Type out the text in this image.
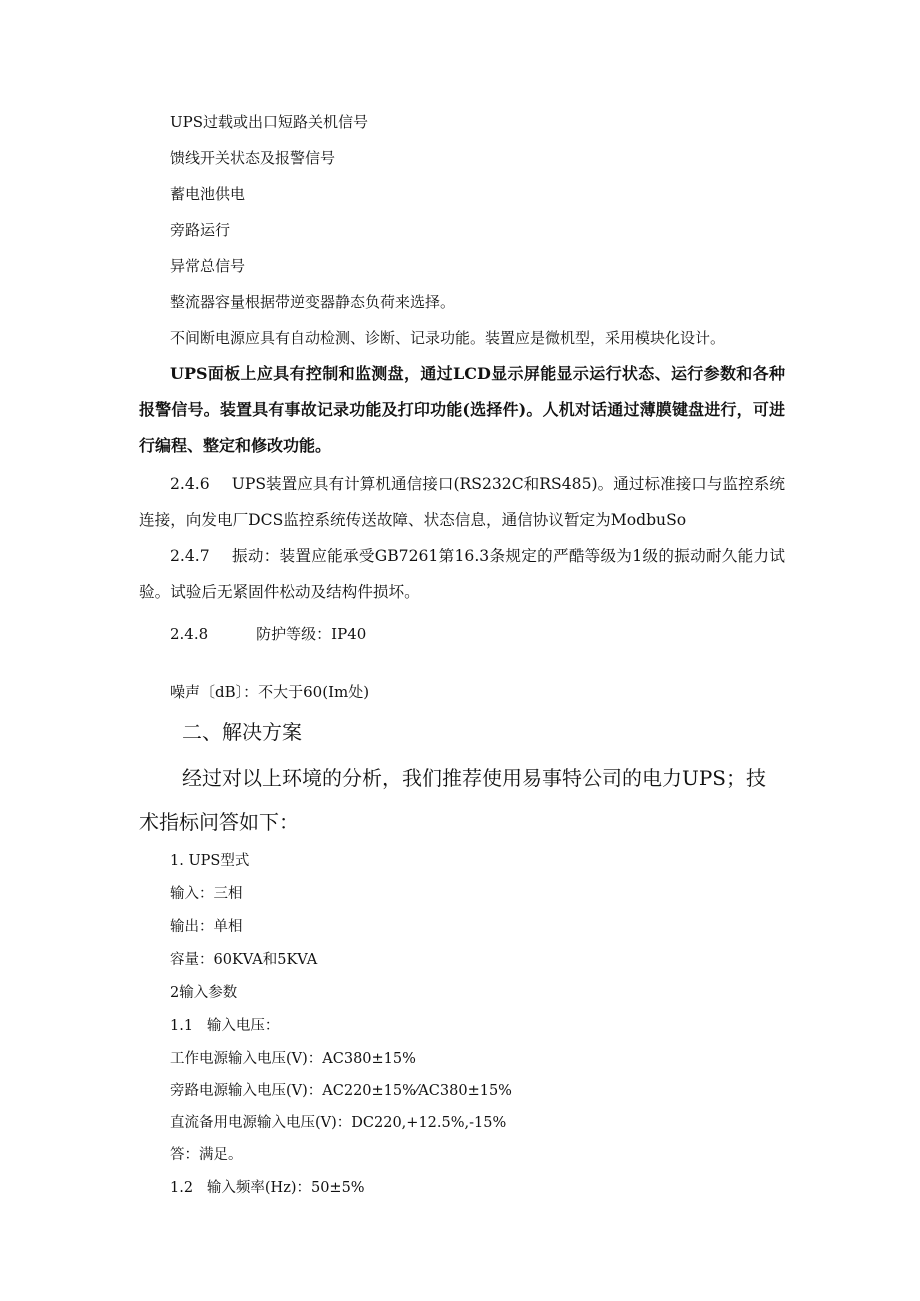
UPS过载或出口短路关机信号
馈线开关状态及报警信号
蓄电池供电
旁路运行
异常总信号
整流器容量根据带逆变器静态负荷来选择。
不间断电源应具有自动检测、诊断、记录功能。装置应是微机型，采用模块化设计。
UPS面板上应具有控制和监测盘，通过LCD显示屏能显示运行状态、运行参数和各种报警信号。装置具有事故记录功能及打印功能(选择件)。人机对话通过薄膜键盘进行，可进行编程、整定和修改功能。
2.4.6 UPS装置应具有计算机通信接口(RS232C和RS485)。通过标准接口与监控系统连接，向发电厂DCS监控系统传送故障、状态信息，通信协议暂定为ModbuSo
2.4.7 振动：装置应能承受GB7261第16.3条规定的严酷等级为1级的振动耐久能力试验。试验后无紧固件松动及结构件损坏。
2.4.8	防护等级：IP40
噪声〔dB〕：不大于60(Im处)
二、解决方案
经过对以上环境的分析，我们推荐使用易事特公司的电力UPS；技术指标问答如下：
1. UPS型式
输入：三相
输出：单相
容量：60KVA和5KVA
2输入参数
1.1   输入电压：
工作电源输入电压(V)：AC380±15%
旁路电源输入电压(V)：AC220±15%⁄AC380±15%
直流备用电源输入电压(V)：DC220,+12.5%,-15%
答：满足。
1.2   输入频率(Hz)：50±5%
